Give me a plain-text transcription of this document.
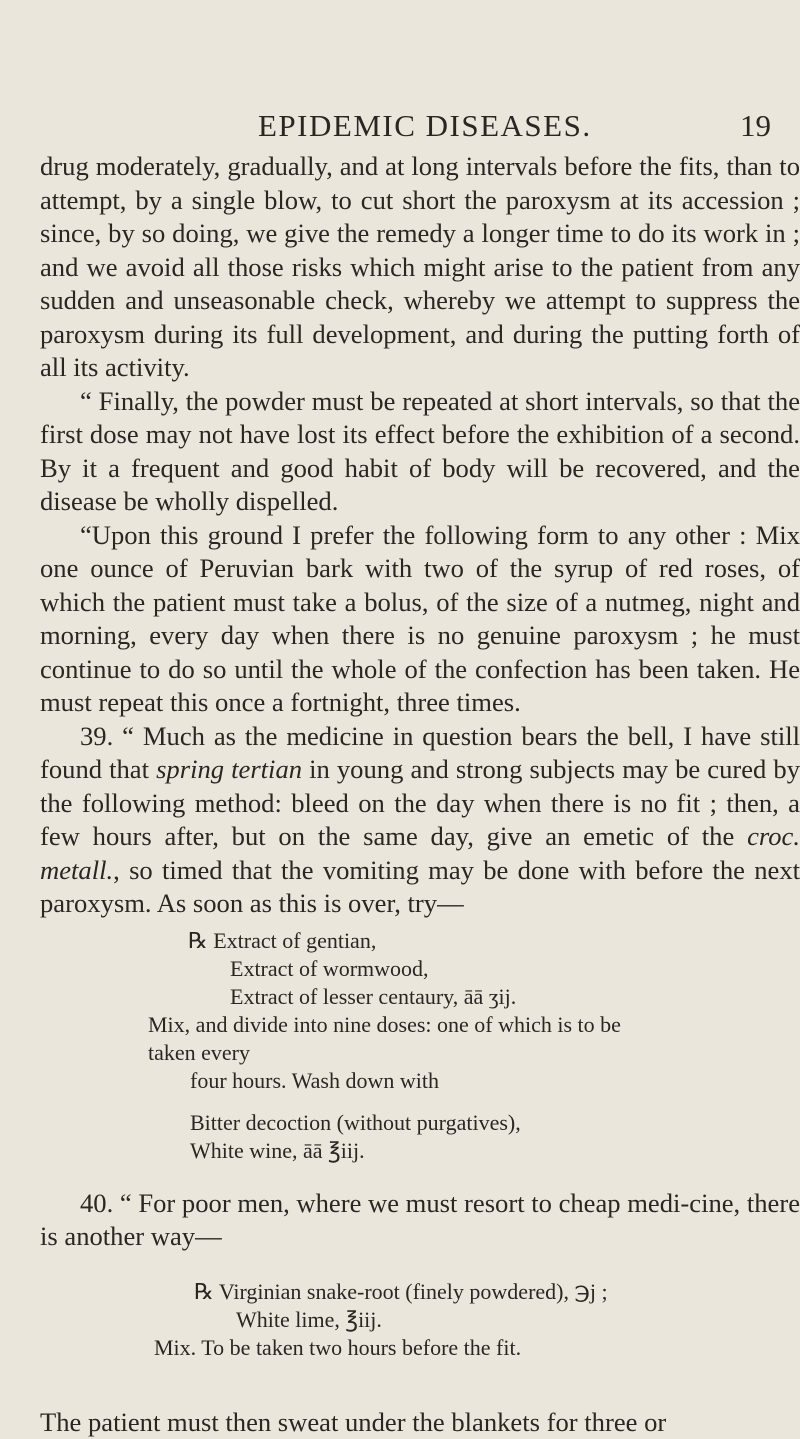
EPIDEMIC DISEASES.	19

drug moderately, gradually, and at long intervals before the fits, than to attempt, by a single blow, to cut short the paroxysm at its accession ; since, by so doing, we give the remedy a longer time to do its work in ; and we avoid all those risks which might arise to the patient from any sudden and unseasonable check, whereby we attempt to suppress the paroxysm during its full development, and during the putting forth of all its activity.

“ Finally, the powder must be repeated at short intervals, so that the first dose may not have lost its effect before the exhibition of a second. By it a frequent and good habit of body will be recovered, and the disease be wholly dispelled.

“Upon this ground I prefer the following form to any other : Mix one ounce of Peruvian bark with two of the syrup of red roses, of which the patient must take a bolus, of the size of a nutmeg, night and morning, every day when there is no genuine paroxysm ; he must continue to do so until the whole of the confection has been taken. He must repeat this once a fortnight, three times.

39. “ Much as the medicine in question bears the bell, I have still found that spring tertian in young and strong subjects may be cured by the following method: bleed on the day when there is no fit ; then, a few hours after, but on the same day, give an emetic of the croc. metall., so timed that the vomiting may be done with before the next paroxysm. As soon as this is over, try—

℞ Extract of gentian,
Extract of wormwood,
Extract of lesser centaury, āā ʒij.

Mix, and divide into nine doses: one of which is to be taken every
four hours. Wash down with

Bitter decoction (without purgatives),
White wine, āā ℥iij.

40. “ For poor men, where we must resort to cheap medi-cine, there is another way—

℞ Virginian snake-root (finely powdered), ℈j ;
White lime, ℥iij.
Mix. To be taken two hours before the fit.

The patient must then sweat under the blankets for three or
